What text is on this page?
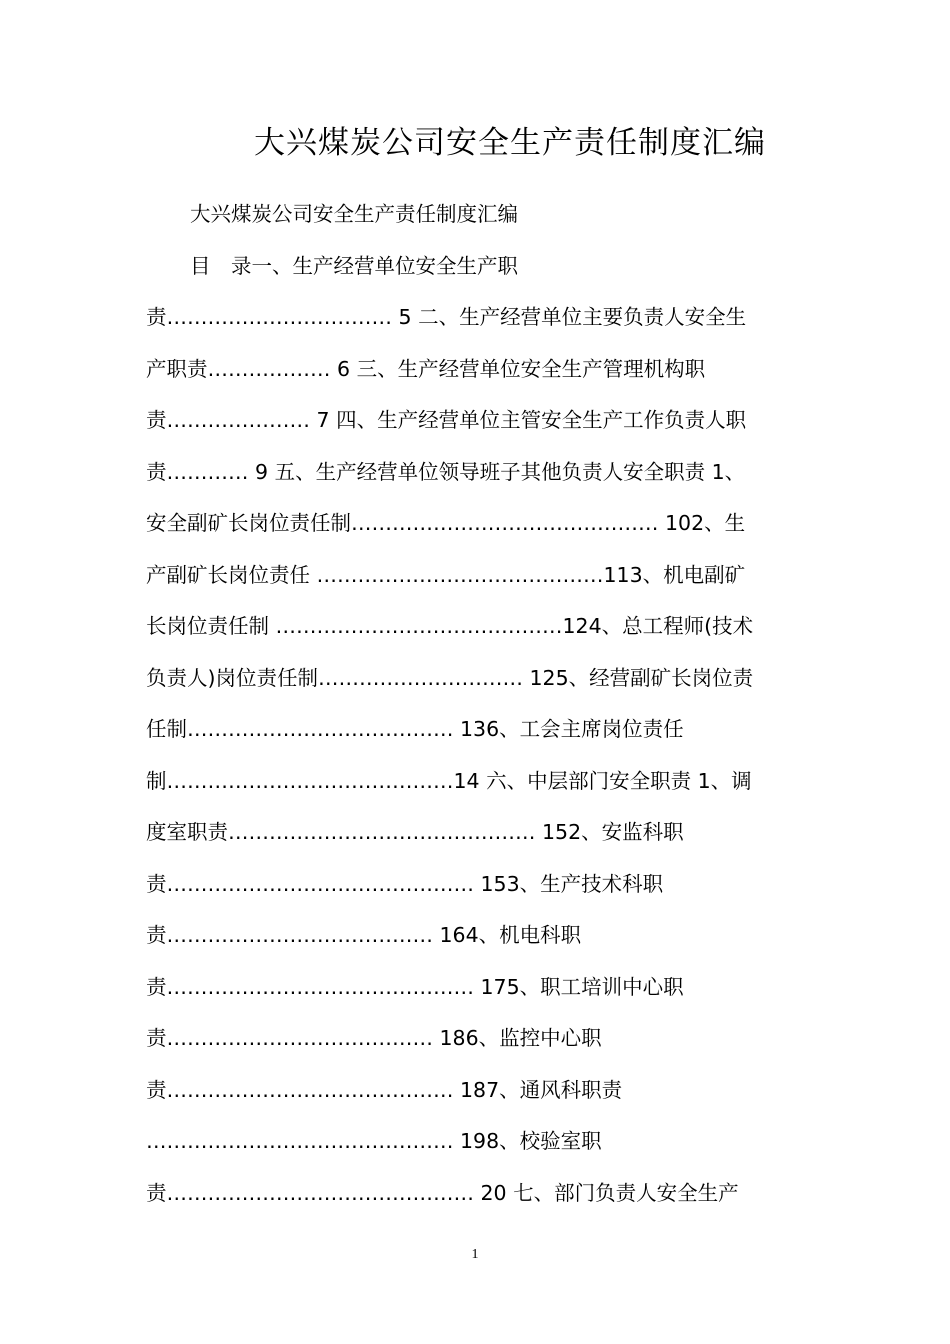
大兴煤炭公司安全生产责任制度汇编
大兴煤炭公司安全生产责任制度汇编
目　录一、生产经营单位安全生产职
责…………………………… 5 二、生产经营单位主要负责人安全生
产职责……………… 6 三、生产经营单位安全生产管理机构职
责………………… 7 四、生产经营单位主管安全生产工作负责人职
责………… 9 五、生产经营单位领导班子其他负责人安全职责 1、
安全副矿长岗位责任制……………………………………… 102、生
产副矿长岗位责任 ……………………………………113、机电副矿
长岗位责任制 ……………………………………124、总工程师(技术
负责人)岗位责任制………………………… 125、经营副矿长岗位责
任制………………………………… 136、工会主席岗位责任
制……………………………………14 六、中层部门安全职责 1、调
度室职责……………………………………… 152、安监科职
责……………………………………… 153、生产技术科职
责………………………………… 164、机电科职
责……………………………………… 175、职工培训中心职
责………………………………… 186、监控中心职
责…………………………………… 187、通风科职责
……………………………………… 198、校验室职
责……………………………………… 20 七、部门负责人安全生产
1
